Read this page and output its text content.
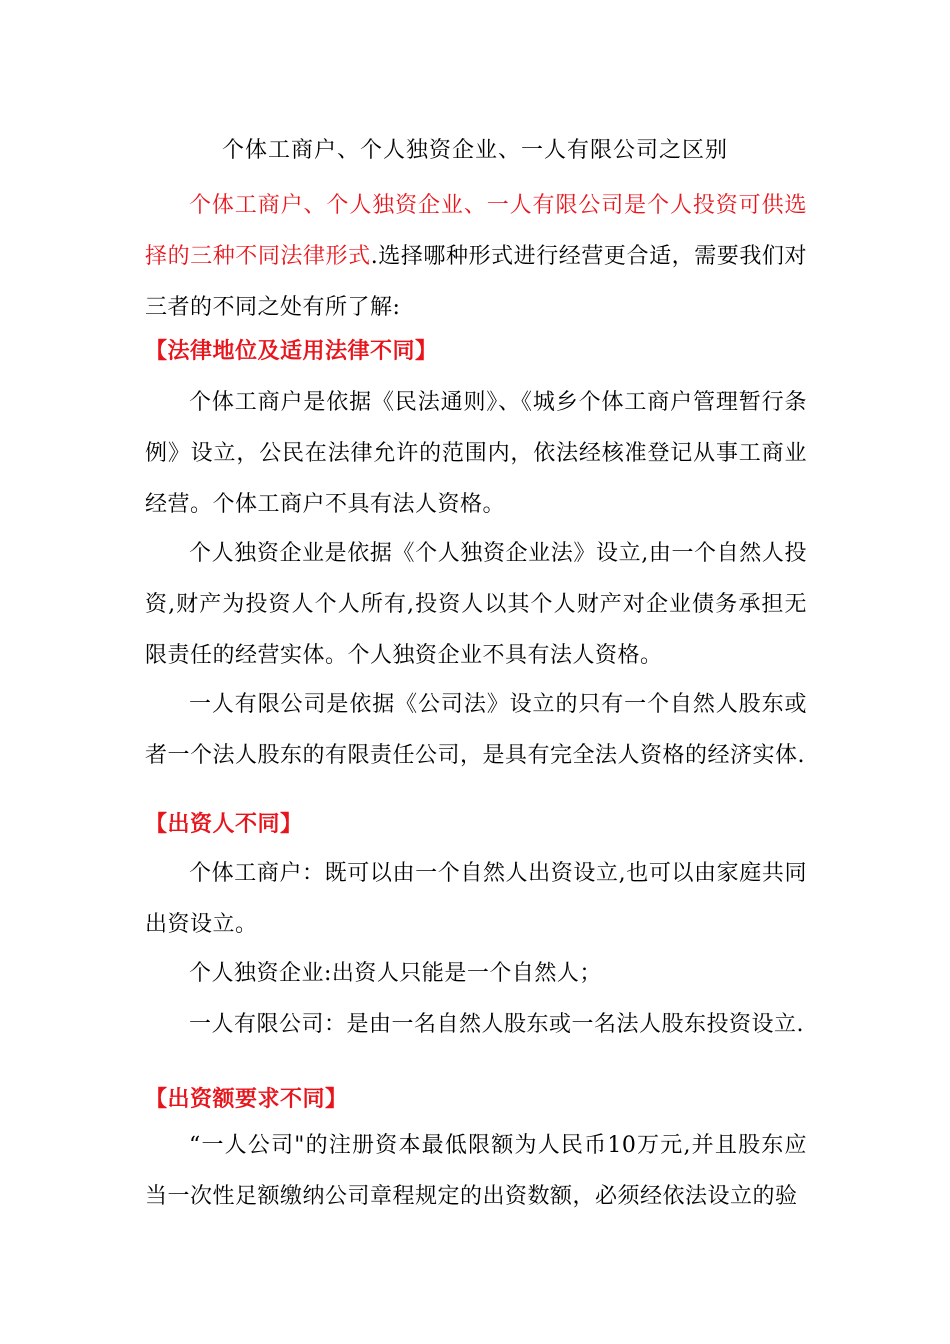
个体工商户、个人独资企业、一人有限公司之区别

个体工商户、个人独资企业、一人有限公司是个人投资可供选择的三种不同法律形式.选择哪种形式进行经营更合适，需要我们对三者的不同之处有所了解:

【法律地位及适用法律不同】

个体工商户是依据《民法通则》、《城乡个体工商户管理暂行条例》设立，公民在法律允许的范围内，依法经核准登记从事工商业经营。个体工商户不具有法人资格。

个人独资企业是依据《个人独资企业法》设立,由一个自然人投资,财产为投资人个人所有,投资人以其个人财产对企业债务承担无限责任的经营实体。个人独资企业不具有法人资格。

一人有限公司是依据《公司法》设立的只有一个自然人股东或者一个法人股东的有限责任公司，是具有完全法人资格的经济实体.

【出资人不同】

个体工商户：既可以由一个自然人出资设立,也可以由家庭共同出资设立。

个人独资企业:出资人只能是一个自然人；

一人有限公司：是由一名自然人股东或一名法人股东投资设立.

【出资额要求不同】

“一人公司"的注册资本最低限额为人民币10万元,并且股东应当一次性足额缴纳公司章程规定的出资数额，必须经依法设立的验
